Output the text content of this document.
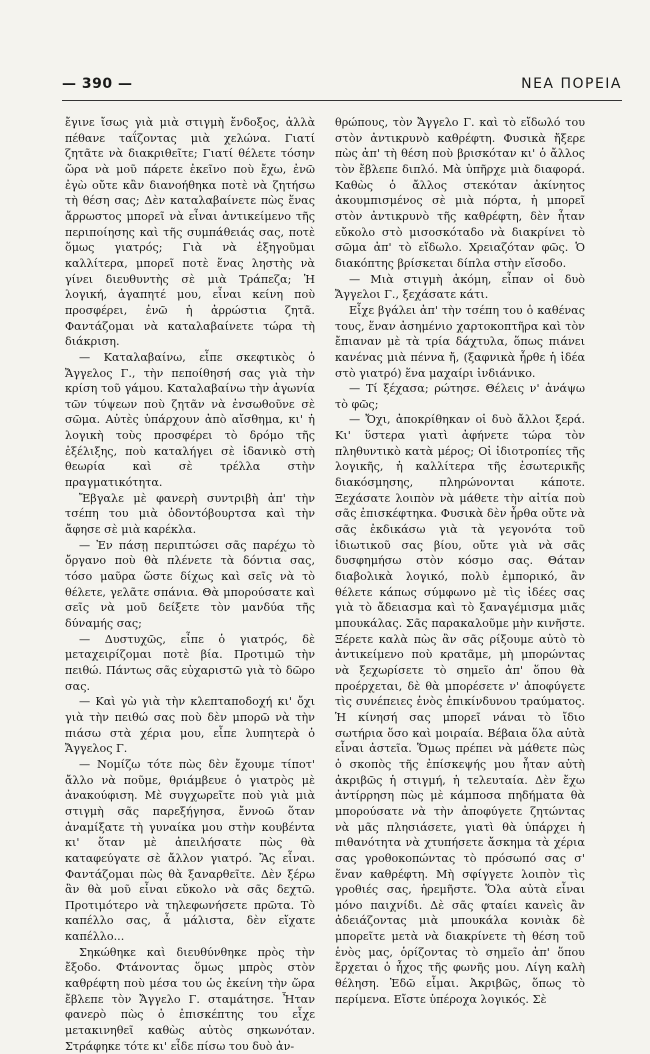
— 390 —	ΝΕΑ ΠΟΡΕΙΑ

ἔγινε ἴσως γιὰ μιὰ στιγμὴ ἔνδοξος, ἀλλὰ πέθανε ταΐζοντας μιὰ χελώνα. Γιατί ζητᾶτε νὰ διακριθεῖτε; Γιατί θέλετε τόσην ὥρα νὰ μοῦ πάρετε ἐκεῖνο ποὺ ἔχω, ἐνῶ ἐγὼ οὔτε κἂν διανοήθηκα ποτὲ νὰ ζητήσω τὴ θέση σας; Δὲν καταλαβαίνετε πὼς ἕνας ἄρρωστος μπορεῖ νὰ εἶναι ἀντικείμενο τῆς περιποίησης καὶ τῆς συμπάθειάς σας, ποτὲ ὅμως γιατρός; Γιὰ νὰ ἐξηγοῦμαι καλλίτερα, μπορεῖ ποτὲ ἕνας ληστὴς νὰ γίνει διευθυντὴς σὲ μιὰ Τράπεζα; Ἡ λογική, ἀγαπητέ μου, εἶναι κείνη ποὺ προσφέρει, ἐνῶ ἡ ἀρρώστια ζητᾶ. Φαντάζομαι νὰ καταλαβαίνετε τώρα τὴ διάκριση.

— Καταλαβαίνω, εἶπε σκεφτικὸς ὁ Ἄγγελος Γ., τὴν πεποίθησή σας γιὰ τὴν κρίση τοῦ γάμου. Καταλαβαίνω τὴν ἀγωνία τῶν τύψεων ποὺ ζητᾶν νὰ ἐνσωθοῦνε σὲ σῶμα. Αὐτὲς ὑπάρχουν ἀπὸ αἴσθημα, κι' ἡ λογικὴ τοὺς προσφέρει τὸ δρόμο τῆς ἐξέλιξης, ποὺ καταλήγει σὲ ἰδανικὸ στὴ θεωρία καὶ σὲ τρέλλα στὴν πραγματικότητα.

Ἔβγαλε μὲ φανερὴ συντριβὴ ἀπ' τὴν τσέπη του μιὰ ὀδοντόβουρτσα καὶ τὴν ἄφησε σὲ μιὰ καρέκλα.

— Ἐν πάσῃ περιπτώσει σᾶς παρέχω τὸ ὄργανο ποὺ θὰ πλένετε τὰ δόντια σας, τόσο μαῦρα ὥστε δίχως καὶ σεῖς νὰ τὸ θέλετε, γελᾶτε σπάνια. Θὰ μπορούσατε καὶ σεῖς νὰ μοῦ δείξετε τὸν μανδύα τῆς δύναμής σας;

— Δυστυχῶς, εἶπε ὁ γιατρός, δὲ μεταχειρίζομαι ποτὲ βία. Προτιμῶ τὴν πειθώ. Πάντως σᾶς εὐχαριστῶ γιὰ τὸ δῶρο σας.

— Καὶ γὼ γιὰ τὴν κλεπταποδοχή κι' ὄχι γιὰ τὴν πειθώ σας ποὺ δὲν μπορῶ νὰ τὴν πιάσω στὰ χέρια μου, εἶπε λυπητερὰ ὁ Ἄγγελος Γ.

— Νομίζω τότε πὼς δὲν ἔχουμε τίποτ' ἄλλο νὰ ποῦμε, θριάμβευε ὁ γιατρὸς μὲ ἀνακούφιση. Μὲ συγχωρεῖτε ποὺ γιὰ μιὰ στιγμὴ σᾶς παρεξήγησα, ἔννοῶ ὅταν ἀναμίξατε τὴ γυναίκα μου στὴν κουβέντα κι' ὅταν μὲ ἀπειλήσατε πὼς θὰ καταφεύγατε σὲ ἄλλον γιατρό. Ἂς εἶναι. Φαντάζομαι πὼς θὰ ξαναρθεῖτε. Δὲν ξέρω ἂν θὰ μοῦ εἶναι εὔκολο νὰ σᾶς δεχτῶ. Προτιμότερο νὰ τηλεφωνήσετε πρῶτα. Τὸ καπέλλο σας, ἆ μάλιστα, δὲν εἴχατε καπέλλο...

Σηκώθηκε καὶ διευθύνθηκε πρὸς τὴν ἔξοδο. Φτάνοντας ὅμως μπρὸς στὸν καθρέφτη ποὺ μέσα του ὡς ἐκείνη τὴν ὥρα ἔβλεπε τὸν Ἄγγελο Γ. σταμάτησε. Ἦταν φανερὸ πὼς ὁ ἐπισκέπτης του εἶχε μετακινηθεῖ καθὼς αὐτὸς σηκωνόταν. Στράφηκε τότε κι' εἶδε πίσω του δυὸ ἀν-

θρώπους, τὸν Ἄγγελο Γ. καὶ τὸ εἴδωλό του στὸν ἀντικρυνὸ καθρέφτη. Φυσικὰ ἤξερε πὼς ἀπ' τὴ θέση ποὺ βρισκόταν κι' ὁ ἄλλος τὸν ἔβλεπε διπλό. Μὰ ὑπῆρχε μιὰ διαφορά. Καθὼς ὁ ἄλλος στεκόταν ἀκίνητος ἀκουμπισμένος σὲ μιὰ πόρτα, ἡ μπορεῖ στὸν ἀντικρυνὸ τῆς καθρέφτη, δὲν ἦταν εὔκολο στὸ μισοσκόταδο νὰ διακρίνει τὸ σῶμα ἀπ' τὸ εἴδωλο. Χρειαζόταν φῶς. Ὁ διακόπτης βρίσκεται δίπλα στὴν εἴσοδο.

— Μιὰ στιγμὴ ἀκόμη, εἶπαν οἱ δυὸ Ἄγγελοι Γ., ξεχάσατε κάτι.

Εἶχε βγάλει ἀπ' τὴν τσέπη του ὁ καθένας τους, ἕναν ἀσημένιο χαρτοκοπτῆρα καὶ τὸν ἔπιαναν μὲ τὰ τρία δάχτυλα, ὅπως πιάνει κανένας μιὰ πέννα ἤ, (ξαφνικὰ ἦρθε ἡ ἰδέα στὸ γιατρό) ἕνα μαχαίρι ἰνδιάνικο.

— Τί ξέχασα; ρώτησε. Θέλεις ν' ἀνάψω τὸ φῶς;

— Ὄχι, ἀποκρίθηκαν οἱ δυὸ ἄλλοι ξερά. Κι' ὕστερα γιατὶ ἀφήνετε τώρα τὸν πληθυντικὸ κατὰ μέρος; Οἱ ἰδιοτροπίες τῆς λογικῆς, ἡ καλλίτερα τῆς ἐσωτερικῆς διακόσμησης, πληρώνονται κάποτε. Ξεχάσατε λοιπὸν νὰ μάθετε τὴν αἰτία ποὺ σᾶς ἐπισκέφτηκα. Φυσικὰ δὲν ἦρθα οὔτε νὰ σᾶς ἐκδικάσω γιὰ τὰ γεγονότα τοῦ ἰδιωτικοῦ σας βίου, οὔτε γιὰ νὰ σᾶς δυσφημήσω στὸν κόσμο σας. Θάταν διαβολικὰ λογικό, πολὺ ἐμπορικό, ἂν θέλετε κάπως σύμφωνο μὲ τὶς ἰδέες σας γιὰ τὸ ἄδειασμα καὶ τὸ ξαναγέμισμα μιᾶς μπουκάλας. Σᾶς παρακαλοῦμε μὴν κινῆστε. Ξέρετε καλὰ πὼς ἂν σᾶς ρίξουμε αὐτὸ τὸ ἀντικείμενο ποὺ κρατᾶμε, μὴ μπορώντας νὰ ξεχωρίσετε τὸ σημεῖο ἀπ' ὅπου θὰ προέρχεται, δὲ θὰ μπορέσετε ν' ἀποφύγετε τὶς συνέπειες ἑνὸς ἐπικίνδυνου τραύματος. Ἡ κίνησή σας μπορεῖ νάναι τὸ ἴδιο σωτήρια ὅσο καὶ μοιραία. Βέβαια ὅλα αὐτὰ εἶναι ἀστεῖα. Ὅμως πρέπει νὰ μάθετε πὼς ὁ σκοπὸς τῆς ἐπίσκεψής μου ἦταν αὐτὴ ἀκριβῶς ἡ στιγμή, ἡ τελευταία. Δὲν ἔχω ἀντίρρηση πὼς μὲ κάμποσα πηδήματα θὰ μπορούσατε νὰ τὴν ἀποφύγετε ζητώντας νὰ μᾶς πλησιάσετε, γιατὶ θὰ ὑπάρχει ἡ πιθανότητα νὰ χτυπήσετε ἄσκημα τὰ χέρια σας γροθοκοπώντας τὸ πρόσωπό σας σ' ἕναν καθρέφτη. Μὴ σφίγγετε λοιπὸν τὶς γροθιές σας, ἠρεμῆστε. Ὅλα αὐτὰ εἶναι μόνο παιχνίδι. Δὲ σᾶς φταίει κανεὶς ἂν ἀδειάζοντας μιὰ μπουκάλα κονιὰκ δὲ μπορεῖτε μετὰ νὰ διακρίνετε τὴ θέση τοῦ ἑνὸς μας, ὁρίζοντας τὸ σημεῖο ἀπ' ὅπου ἔρχεται ὁ ἦχος τῆς φωνῆς μου. Λίγη καλὴ θέληση. Ἐδῶ εἶμαι. Ἀκριβῶς, ὅπως τὸ περίμενα. Εἴστε ὑπέροχα λογικός. Σὲ
